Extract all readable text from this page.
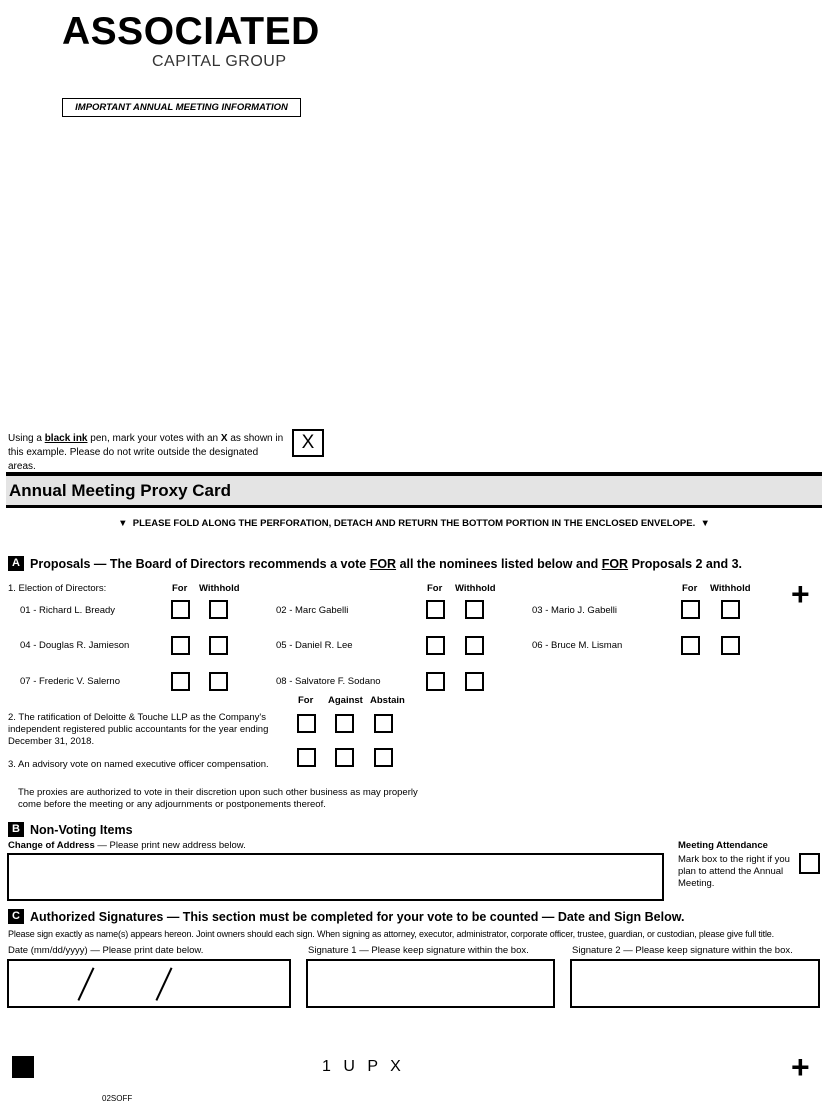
ASSOCIATED
CAPITAL GROUP
IMPORTANT ANNUAL MEETING INFORMATION
Using a black ink pen, mark your votes with an X as shown in this example. Please do not write outside the designated areas.
X
Annual Meeting Proxy Card
▼ PLEASE FOLD ALONG THE PERFORATION, DETACH AND RETURN THE BOTTOM PORTION IN THE ENCLOSED ENVELOPE. ▼
A Proposals — The Board of Directors recommends a vote
FOR
all the nominees listed below and
FOR
Proposals 2 and 3.
1. Election of Directors:	For Withhold	For Withhold	For Withhold +
01 - Richard L. Bready	02 - Marc Gabelli	03 - Mario J. Gabelli
04 - Douglas R. Jamieson	05 - Daniel R. Lee	06 - Bruce M. Lisman
07 - Frederic V. Salerno	08 - Salvatore F. Sodano
For Against Abstain
2. The ratification of Deloitte & Touche LLP as the Company's independent registered public accountants for the year ending December 31, 2018.
3. An advisory vote on named executive officer compensation.
The proxies are authorized to vote in their discretion upon such other business as may properly come before the meeting or any adjournments or postponements thereof.
B Non-Voting Items
Change of Address — Please print new address below.	Meeting Attendance
Mark box to the right if you plan to attend the Annual Meeting.
C Authorized Signatures — This section must be completed for your vote to be counted — Date and Sign Below.
Please sign exactly as name(s) appears hereon. Joint owners should each sign. When signing as attorney, executor, administrator, corporate officer, trustee, guardian, or custodian, please give full title.
Date (mm/dd/yyyy) — Please print date below.	Signature 1 — Please keep signature within the box.	Signature 2 — Please keep signature within the box.
1 U P X	+
02SOFF
